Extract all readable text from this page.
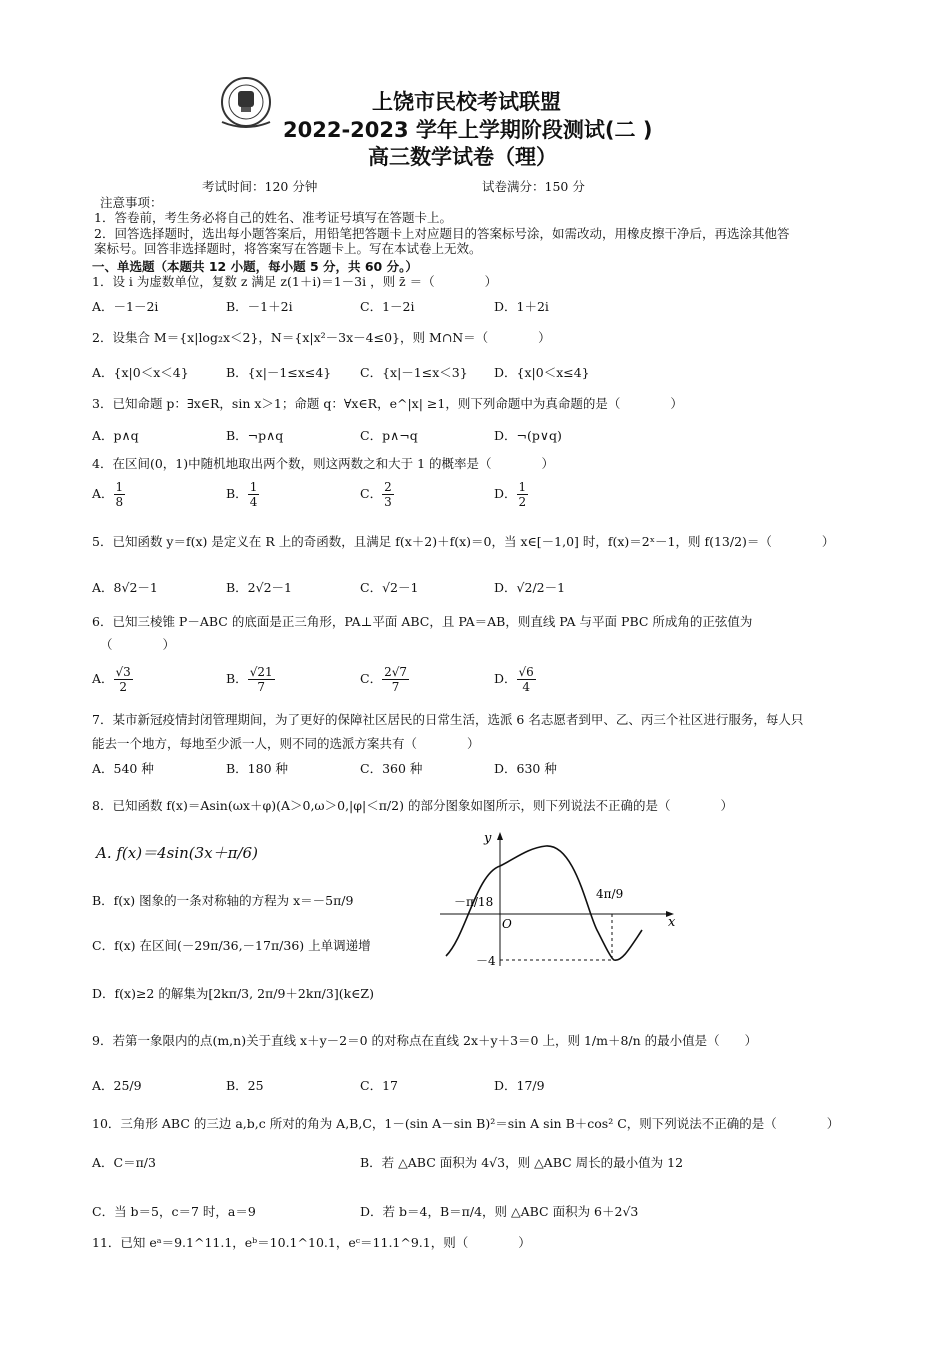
上饶市民校考试联盟
2022-2023 学年上学期阶段测试(二 )
高三数学试卷（理）
考试时间：120 分钟	试卷满分：150 分
注意事项：
1．答卷前，考生务必将自己的姓名、准考证号填写在答题卡上。
2．回答选择题时，选出每小题答案后，用铅笔把答题卡上对应题目的答案标号涂，如需改动，用橡皮擦干净后，再选涂其他答
案标号。回答非选择题时，将答案写在答题卡上。写在本试卷上无效。
一、单选题（本题共 12 小题，每小题 5 分，共 60 分。）
1．设 i 为虚数单位，复数 z 满足 z(1＋i)＝1－3i ，则 z̄ ＝（　　　　）
A．－1－2i	B．－1＋2i	C．1－2i	D．1＋2i
2．设集合 M＝{x|log₂x＜2}，N＝{x|x²－3x－4≤0}，则 M∩N＝（　　　　）
A．{x|0＜x＜4}	B．{x|－1≤x≤4} C．{x|－1≤x＜3} D．{x|0＜x≤4}
3．已知命题 p：∃x∈R，sin x＞1；命题 q：∀x∈R，e^|x| ≥1，则下列命题中为真命题的是（　　　　）
A．p∧q	B．¬p∧q	C．p∧¬q	D．¬(p∨q)
4．在区间(0，1)中随机地取出两个数，则这两数之和大于 1 的概率是（　　　　）
A． $\frac{1}{8}$	B． $\frac{1}{4}$	C． $\frac{2}{3}$	D． $\frac{1}{2}$
5．已知函数 y＝f(x) 是定义在 R 上的奇函数，且满足 f(x＋2)＋f(x)＝0，当 x∈[－1,0] 时，f(x)＝2ˣ－1，则 f(13/2)＝（　　　　）
A．8√2－1	B．2√2－1	C．√2－1	D．√2/2－1
6．已知三棱锥 P－ABC 的底面是正三角形，PA⊥平面 ABC，且 PA＝AB，则直线 PA 与平面 PBC 所成角的正弦值为
（　　　　）
A． $\frac{√3}{2}$	B． $\frac{√21}{7}$	C． $\frac{2√7}{7}$	D． $\frac{√6}{4}$
7．某市新冠疫情封闭管理期间，为了更好的保障社区居民的日常生活，选派 6 名志愿者到甲、乙、丙三个社区进行服务，每人只
能去一个地方，每地至少派一人，则不同的选派方案共有（　　　　）
A．540 种	B．180 种	C．360 种	D．630 种
8．已知函数 f(x)＝Asin(ωx＋φ)(A＞0,ω＞0,|φ|＜π/2) 的部分图象如图所示，则下列说法不正确的是（　　　　）
A. f(x)＝4sin(3x＋π/6)
B．f(x) 图象的一条对称轴的方程为 x＝－5π/9
C．f(x) 在区间(－29π/36,－17π/36) 上单调递增
D．f(x)≥2 的解集为[2kπ/3, 2π/9＋2kπ/3](k∈Z)
y
x
O
－π/18
4π/9
－4
9．若第一象限内的点(m,n)关于直线 x＋y－2＝0 的对称点在直线 2x＋y＋3＝0 上，则 1/m＋8/n 的最小值是（　　）
A．25/9	B．25	C．17	D．17/9
10．三角形 ABC 的三边 a,b,c 所对的角为 A,B,C，1－(sin A－sin B)²＝sin A sin B＋cos² C，则下列说法不正确的是（　　　　）
A．C＝π/3	B．若 △ABC 面积为 4√3，则 △ABC 周长的最小值为 12
C．当 b＝5，c＝7 时，a＝9	D．若 b＝4，B＝π/4，则 △ABC 面积为 6＋2√3
11．已知 eᵃ＝9.1^11.1，eᵇ＝10.1^10.1，eᶜ＝11.1^9.1，则（　　　　）
